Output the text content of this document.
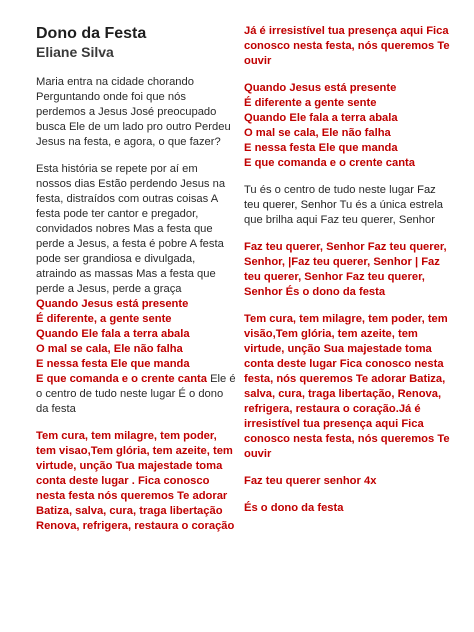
Dono da Festa
Eliane Silva

Maria entra na cidade chorando Perguntando onde foi que nós perdemos a Jesus José preocupado busca Ele de um lado pro outro Perdeu Jesus na festa, e agora, o que fazer?

Esta história se repete por aí em nossos dias Estão perdendo Jesus na festa, distraídos com outras coisas A festa pode ter cantor e pregador, convidados nobres Mas a festa que perde a Jesus, a festa é pobre A festa pode ser grandiosa e divulgada, atraindo as massas Mas a festa que perde a Jesus, perde a graça

Quando Jesus está presente
É diferente, a gente sente
Quando Ele fala a terra abala
O mal se cala, Ele não falha
E nessa festa Ele que manda
E que comanda e o crente canta Ele é o centro de tudo neste lugar É o dono da festa

Tem cura, tem milagre, tem poder, tem visao,Tem glória, tem azeite, tem virtude, unção Tua majestade toma conta deste lugar . Fica conosco nesta festa nós queremos Te adorar Batiza, salva, cura, traga libertação Renova, refrigera, restaura o coração

Já é irresistível tua presença aqui Fica conosco nesta festa, nós queremos Te ouvir

Quando Jesus está presente
É diferente a gente sente
Quando Ele fala a terra abala
O mal se cala, Ele não falha
E nessa festa Ele que manda
E que comanda e o crente canta

Tu és o centro de tudo neste lugar Faz teu querer, Senhor Tu és a única estrela que brilha aqui Faz teu querer, Senhor

Faz teu querer, Senhor Faz teu querer, Senhor, |Faz teu querer, Senhor | Faz teu querer, Senhor Faz teu querer, Senhor És o dono da festa

Tem cura, tem milagre, tem poder, tem visão,Tem glória, tem azeite, tem virtude, unção Sua majestade toma conta deste lugar Fica conosco nesta festa, nós queremos Te adorar Batiza, salva, cura, traga libertação, Renova, refrigera, restaura o coração.Já é irresistível tua presença aqui Fica conosco nesta festa, nós queremos Te ouvir

Faz teu querer senhor 4x

És o dono da festa
